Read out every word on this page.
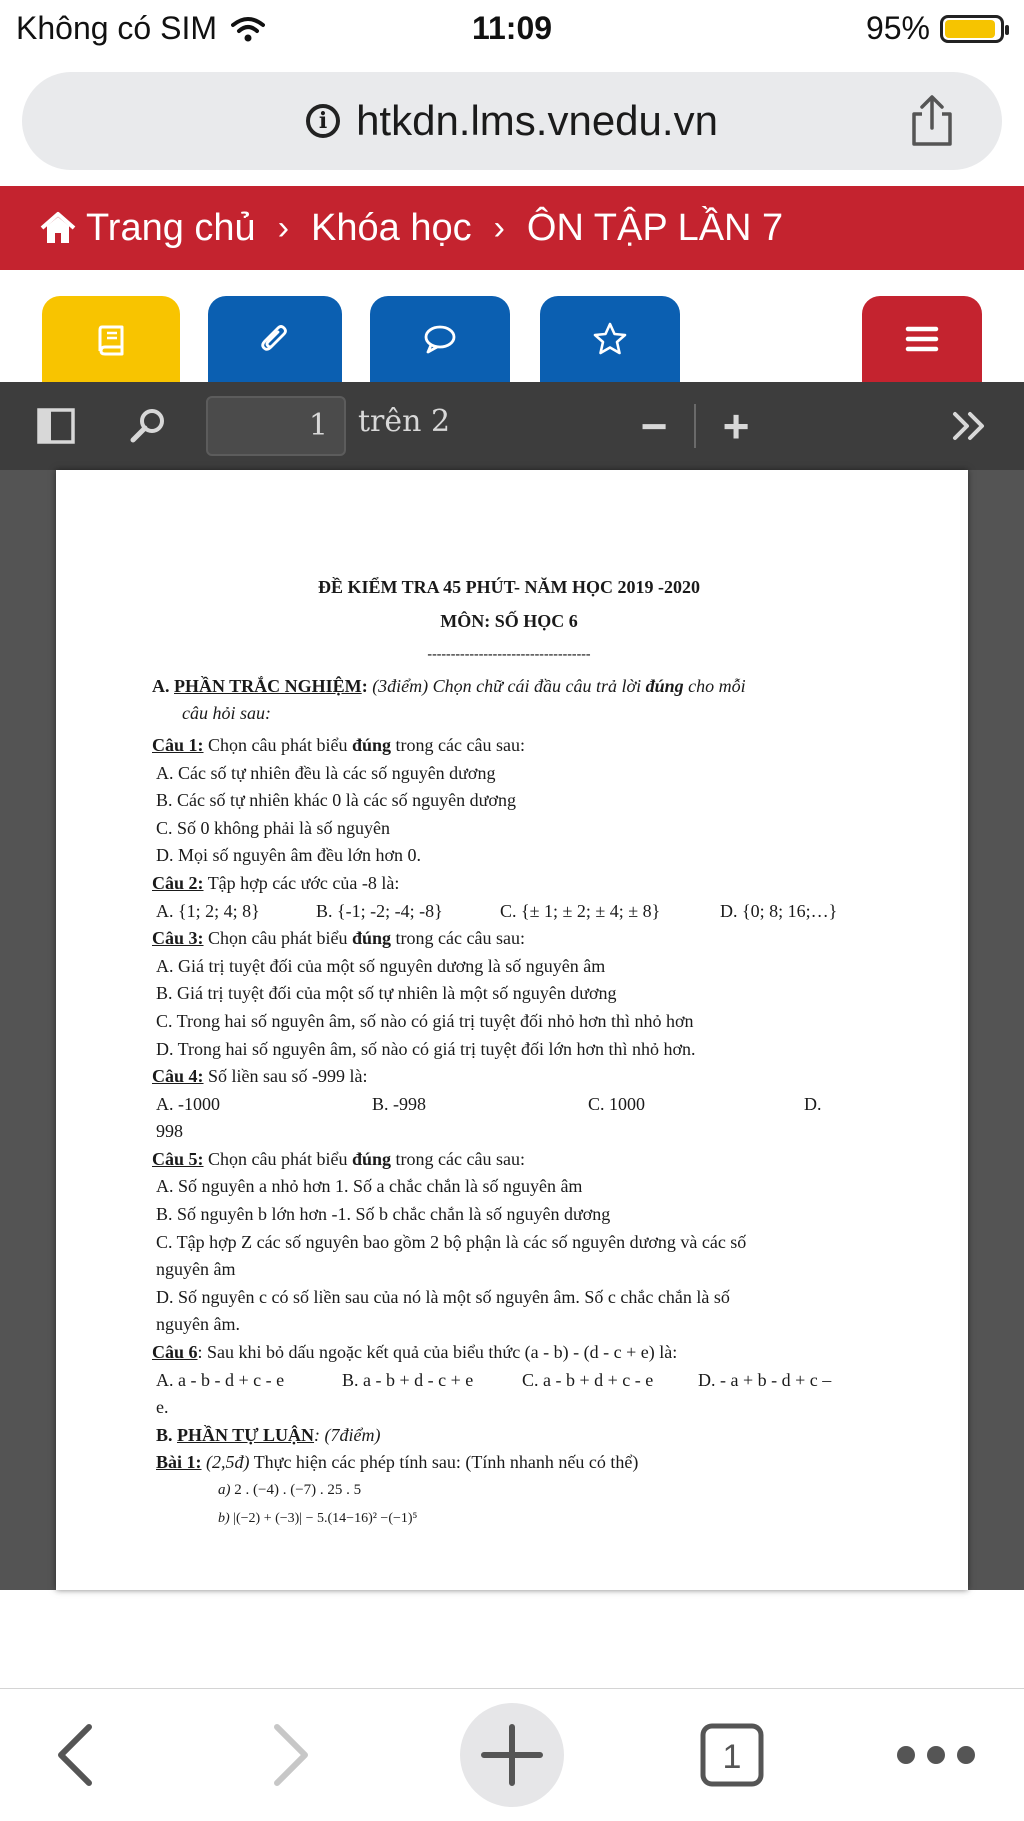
Không có SIM	11:09	95%
i htkdn.lms.vnedu.vn
Trang chủ › Khóa học › ÔN TẬP LẦN 7
1	trên 2	− +

ĐỀ KIỂM TRA 45 PHÚT- NĂM HỌC 2019 -2020

MÔN: SỐ HỌC 6

-----------------------------------

A. PHẦN TRẮC NGHIỆM: (3điểm) Chọn chữ cái đầu câu trả lời đúng cho mỗi

câu hỏi sau:

Câu 1: Chọn câu phát biểu đúng trong các câu sau:

A. Các số tự nhiên đều là các số nguyên dương

B. Các số tự nhiên khác 0 là các số nguyên dương

C. Số 0 không phải là số nguyên

D. Mọi số nguyên âm đều lớn hơn 0.

Câu 2: Tập hợp các ước của -8 là:

A. {1; 2; 4; 8}	B. {-1; -2; -4; -8}	C. {± 1; ± 2; ± 4; ± 8}	D. {0; 8; 16;…}

Câu 3: Chọn câu phát biểu đúng trong các câu sau:

A. Giá trị tuyệt đối của một số nguyên dương là số nguyên âm

B. Giá trị tuyệt đối của một số tự nhiên là một số nguyên dương

C. Trong hai số nguyên âm, số nào có giá trị tuyệt đối nhỏ hơn thì nhỏ hơn

D. Trong hai số nguyên âm, số nào có giá trị tuyệt đối lớn hơn thì nhỏ hơn.

Câu 4: Số liền sau số -999 là:

A. -1000	B. -998	C. 1000	D.

998

Câu 5: Chọn câu phát biểu đúng trong các câu sau:

A. Số nguyên a nhỏ hơn 1. Số a chắc chắn là số nguyên âm

B. Số nguyên b lớn hơn -1. Số b chắc chắn là số nguyên dương

C. Tập hợp Z các số nguyên bao gồm 2 bộ phận là các số nguyên dương và các số

nguyên âm

D. Số nguyên c có số liền sau của nó là một số nguyên âm. Số c chắc chắn là số

nguyên âm.

Câu 6: Sau khi bỏ dấu ngoặc kết quả của biểu thức (a - b) - (d - c + e) là:

A. a - b - d + c - e	B. a - b + d - c + e	C. a - b + d + c - e	D. - a + b - d + c –

e.

B. PHẦN TỰ LUẬN: (7điểm)

Bài 1: (2,5đ) Thực hiện các phép tính sau: (Tính nhanh nếu có thể)

a) 2 . (−4) . (−7) . 25 . 5

b) |(−2) + (−3)| − 5.(14−16)² −(−1)⁵

1
